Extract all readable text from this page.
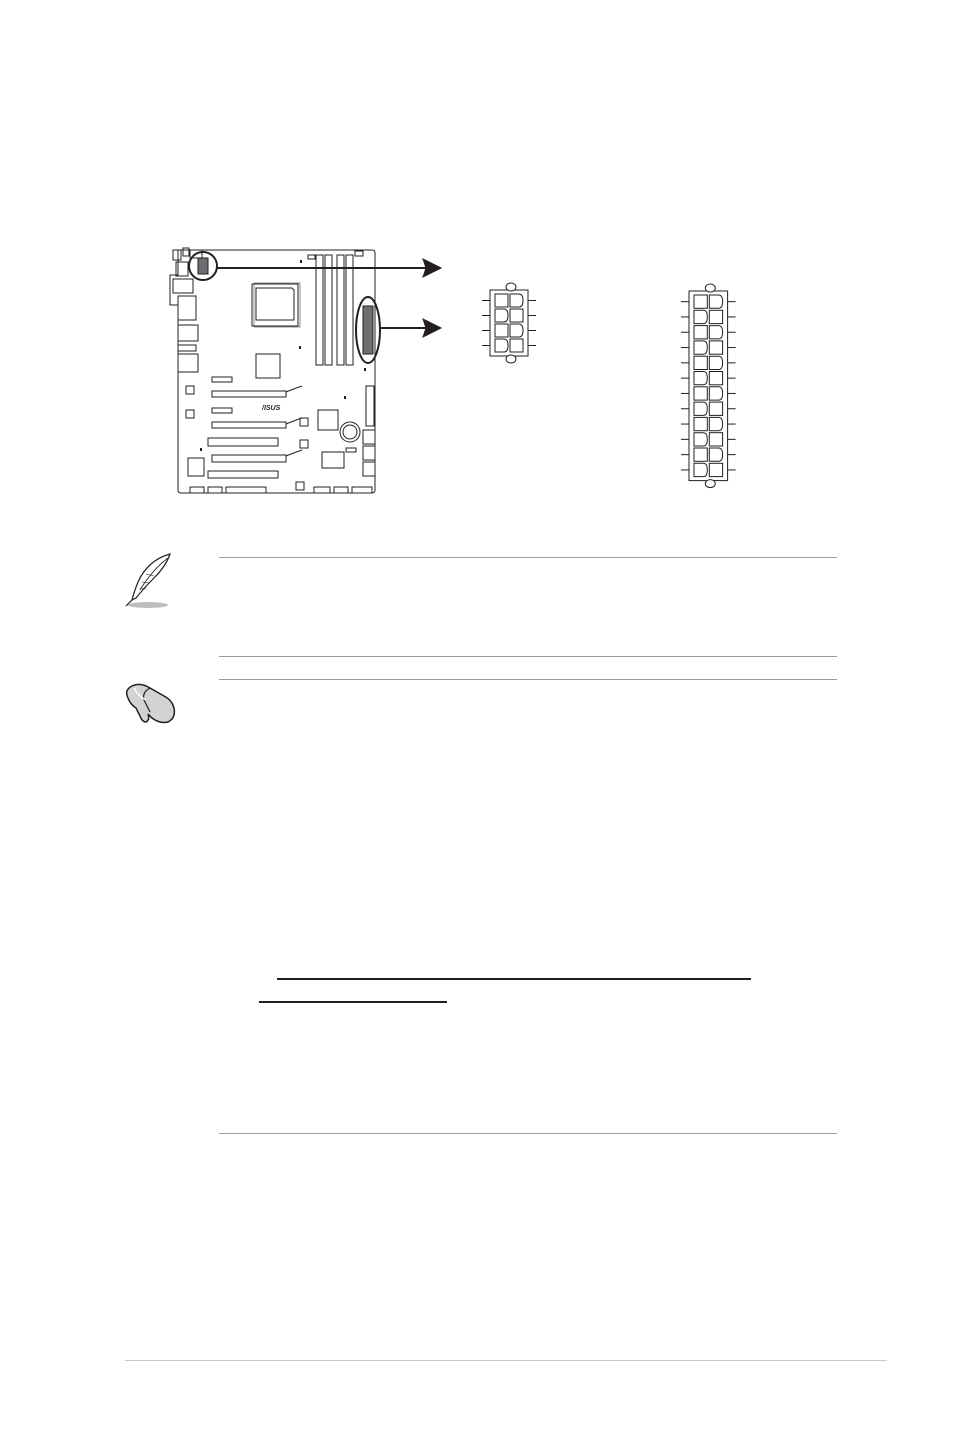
/ISUS
